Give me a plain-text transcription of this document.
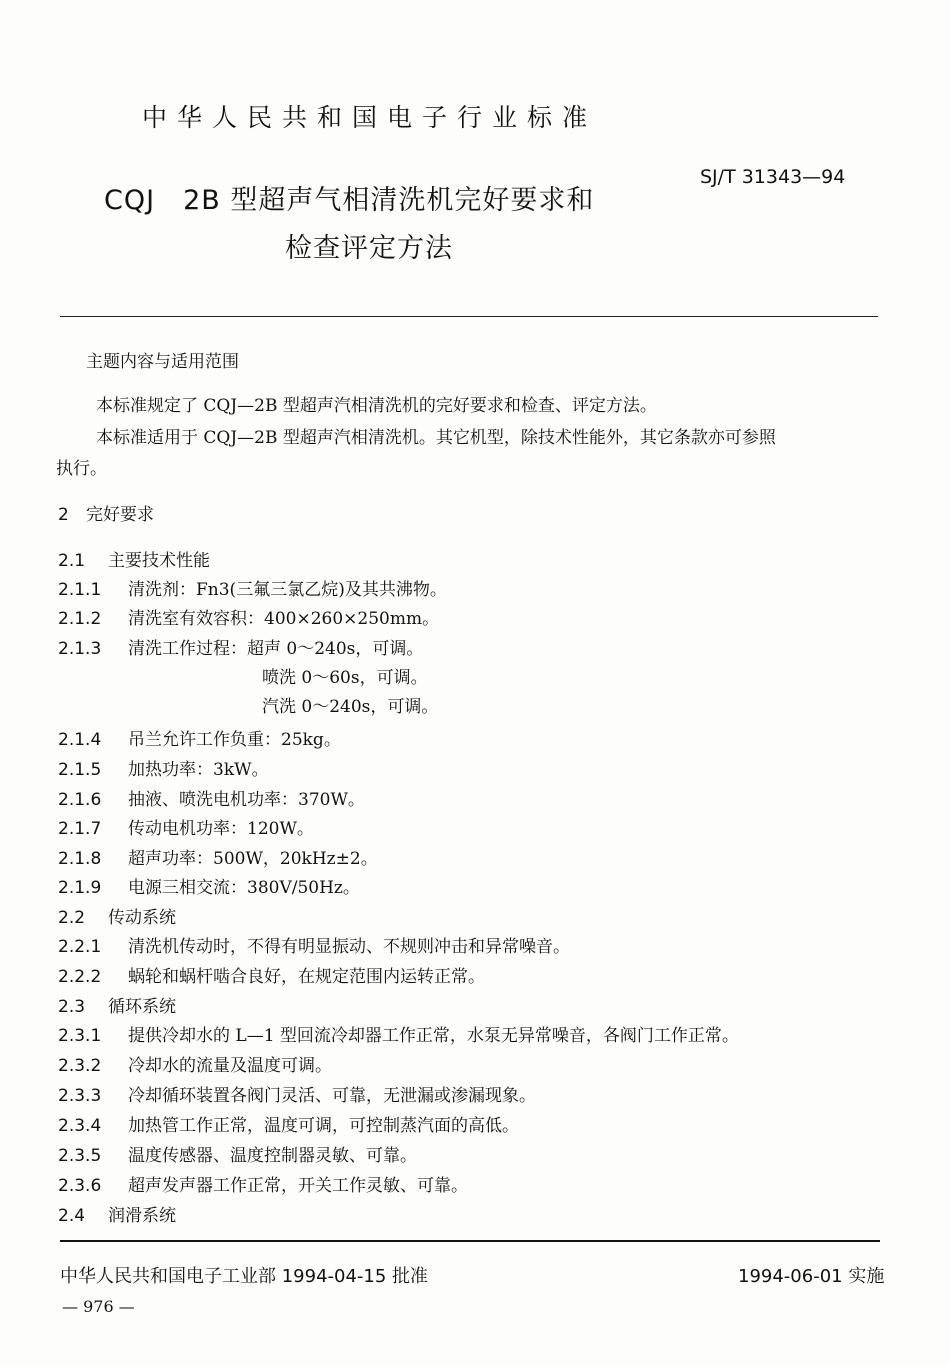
中华人民共和国电子行业标准
SJ/T 31343—94
CQJ　2B 型超声气相清洗机完好要求和
检查评定方法
主题内容与适用范围
本标准规定了 CQJ—2B 型超声汽相清洗机的完好要求和检查、评定方法。
本标准适用于 CQJ—2B 型超声汽相清洗机。其它机型，除技术性能外，其它条款亦可参照
执行。
2 完好要求
2.1 主要技术性能
2.1.1 清洗剂：Fn3(三氟三氯乙烷)及其共沸物。
2.1.2 清洗室有效容积：400×260×250mm。
2.1.3 清洗工作过程：超声 0～240s，可调。
喷洗 0～60s，可调。
汽洗 0～240s，可调。
2.1.4 吊兰允许工作负重：25kg。
2.1.5 加热功率：3kW。
2.1.6 抽液、喷洗电机功率：370W。
2.1.7 传动电机功率：120W。
2.1.8 超声功率：500W，20kHz±2。
2.1.9 电源三相交流：380V/50Hz。
2.2 传动系统
2.2.1 清洗机传动时，不得有明显振动、不规则冲击和异常噪音。
2.2.2 蜗轮和蜗杆啮合良好，在规定范围内运转正常。
2.3 循环系统
2.3.1 提供冷却水的 L—1 型回流冷却器工作正常，水泵无异常噪音，各阀门工作正常。
2.3.2 冷却水的流量及温度可调。
2.3.3 冷却循环装置各阀门灵活、可靠，无泄漏或渗漏现象。
2.3.4 加热管工作正常，温度可调，可控制蒸汽面的高低。
2.3.5 温度传感器、温度控制器灵敏、可靠。
2.3.6 超声发声器工作正常，开关工作灵敏、可靠。
2.4 润滑系统
中华人民共和国电子工业部 1994-04-15 批准	1994-06-01 实施
— 976 —
